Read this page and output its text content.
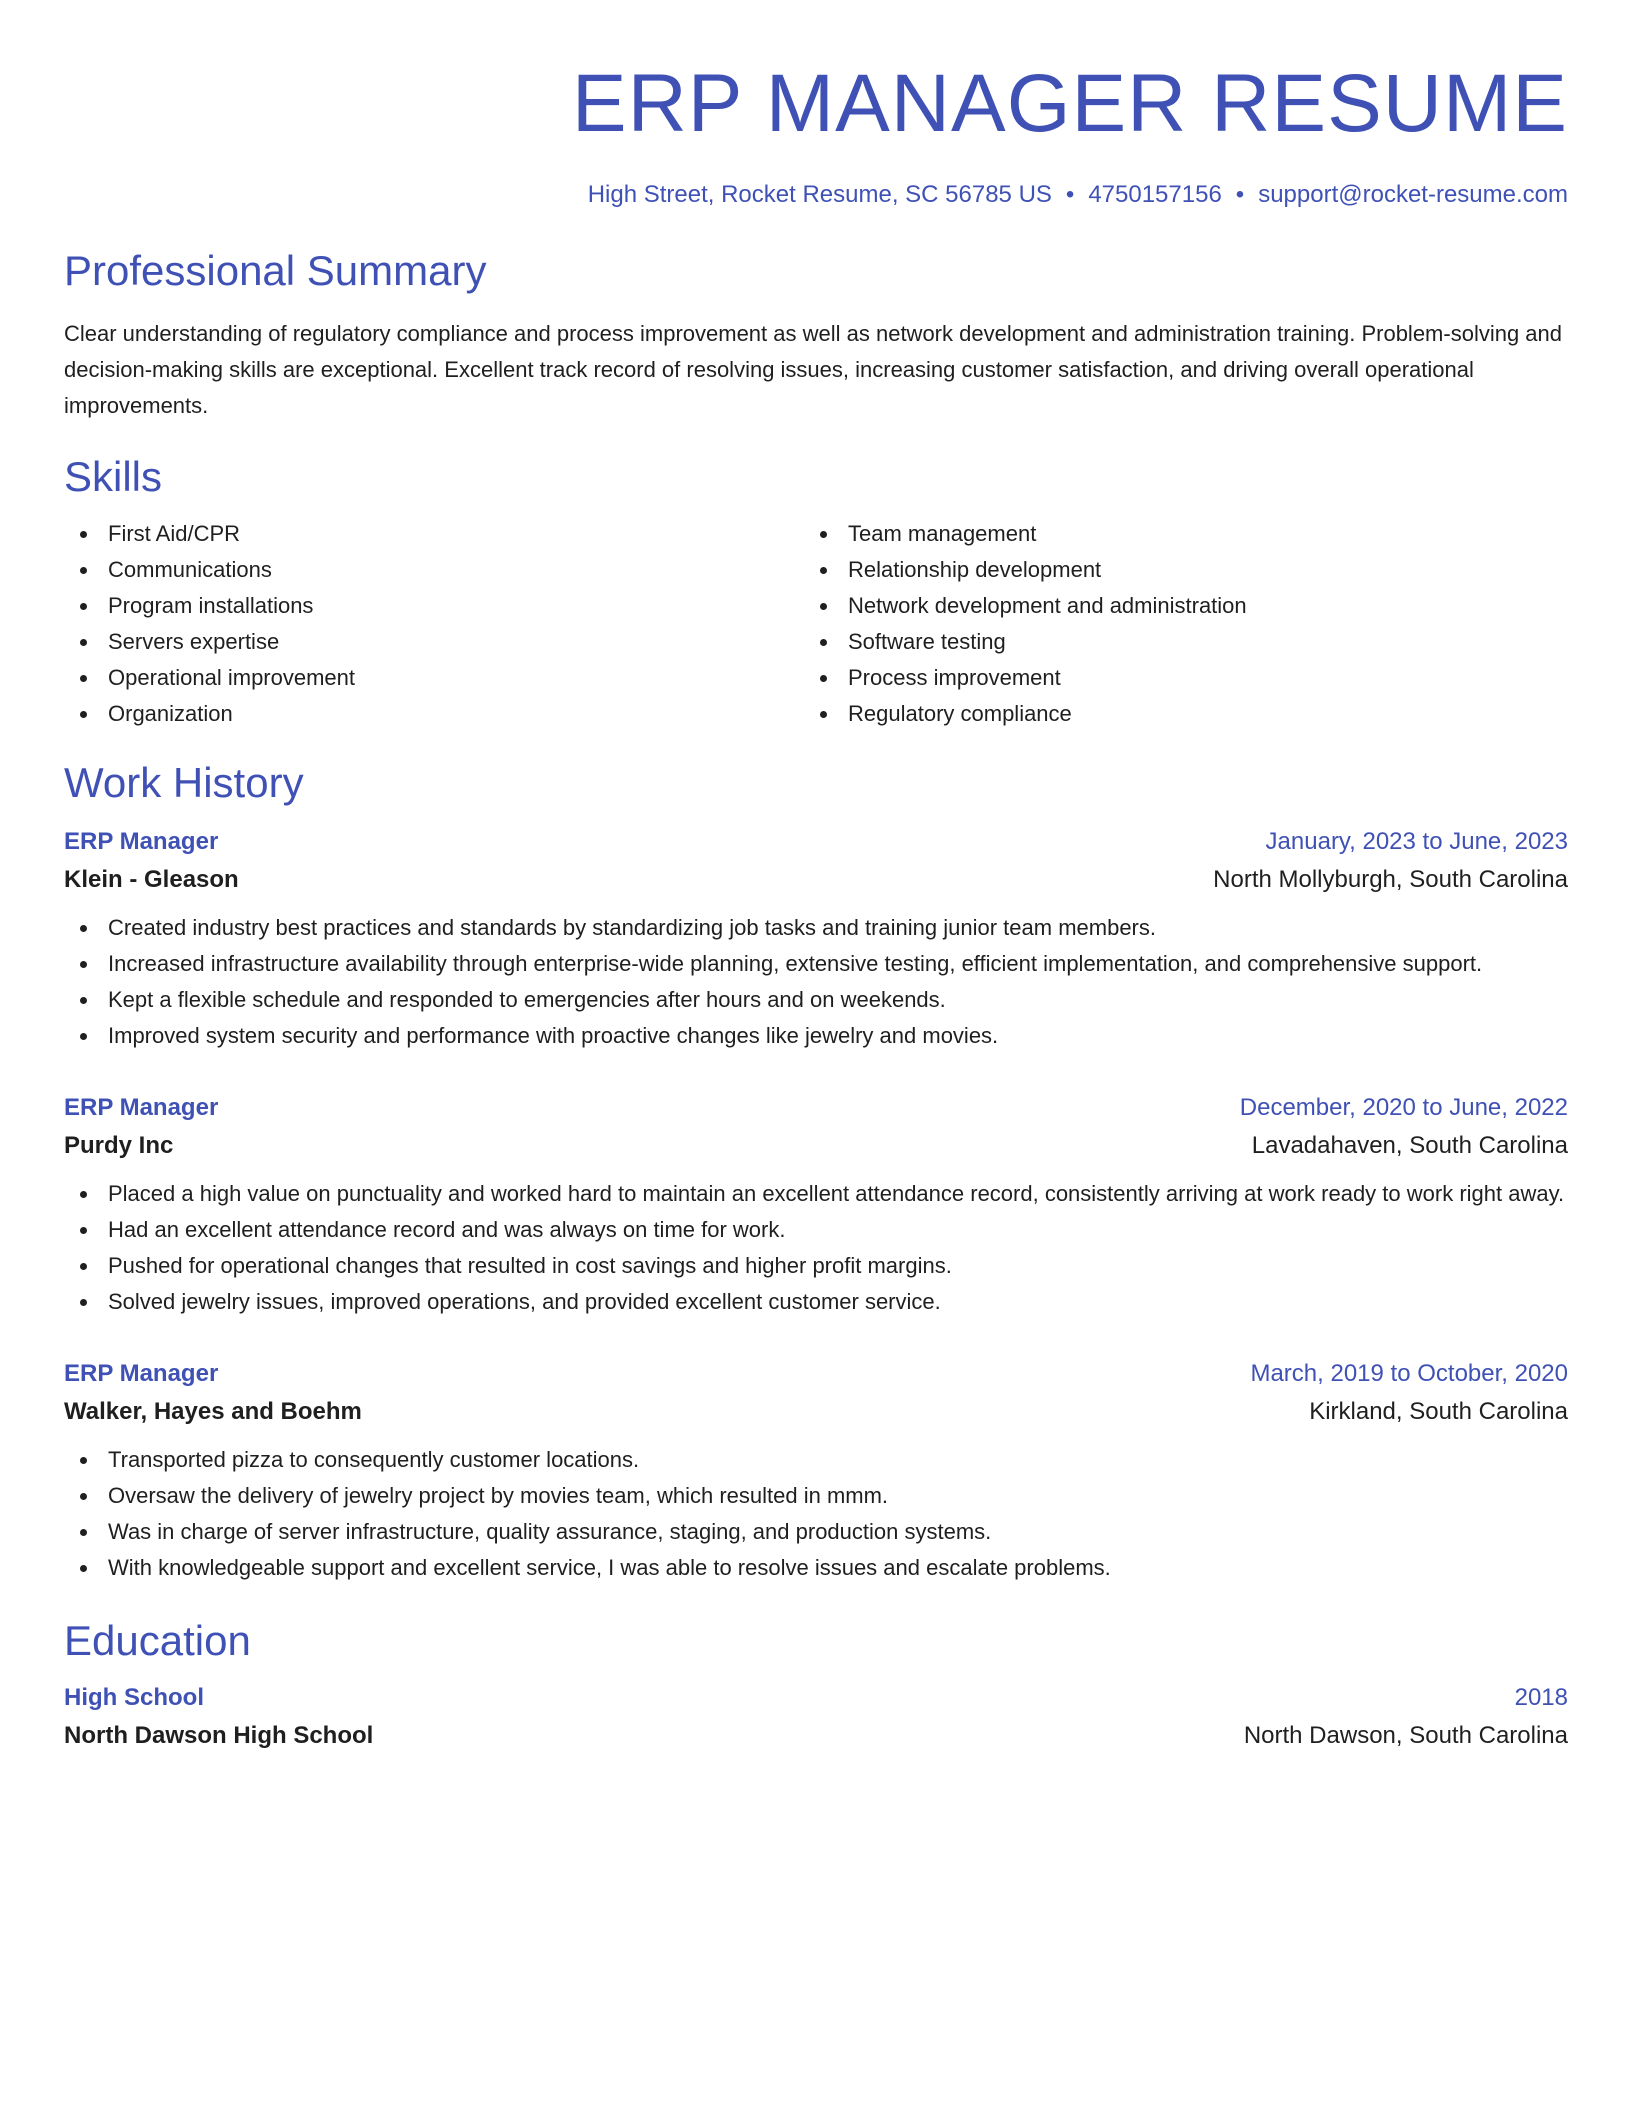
ERP MANAGER RESUME
High Street, Rocket Resume, SC 56785 US • 4750157156 • support@rocket-resume.com
Professional Summary

Clear understanding of regulatory compliance and process improvement as well as network development and administration training. Problem-solving and decision-making skills are exceptional. Excellent track record of resolving issues, increasing customer satisfaction, and driving overall operational improvements.

Skills
First Aid/CPR
Communications
Program installations
Servers expertise
Operational improvement
Organization
Team management
Relationship development
Network development and administration
Software testing
Process improvement
Regulatory compliance
Work History
ERP Manager	January, 2023 to June, 2023
Klein - Gleason	North Mollyburgh, South Carolina
Created industry best practices and standards by standardizing job tasks and training junior team members.
Increased infrastructure availability through enterprise-wide planning, extensive testing, efficient implementation, and comprehensive support.
Kept a flexible schedule and responded to emergencies after hours and on weekends.
Improved system security and performance with proactive changes like jewelry and movies.
ERP Manager	December, 2020 to June, 2022
Purdy Inc	Lavadahaven, South Carolina
Placed a high value on punctuality and worked hard to maintain an excellent attendance record, consistently arriving at work ready to work right away.
Had an excellent attendance record and was always on time for work.
Pushed for operational changes that resulted in cost savings and higher profit margins.
Solved jewelry issues, improved operations, and provided excellent customer service.
ERP Manager	March, 2019 to October, 2020
Walker, Hayes and Boehm	Kirkland, South Carolina
Transported pizza to consequently customer locations.
Oversaw the delivery of jewelry project by movies team, which resulted in mmm.
Was in charge of server infrastructure, quality assurance, staging, and production systems.
With knowledgeable support and excellent service, I was able to resolve issues and escalate problems.
Education
High School	2018
North Dawson High School	North Dawson, South Carolina
